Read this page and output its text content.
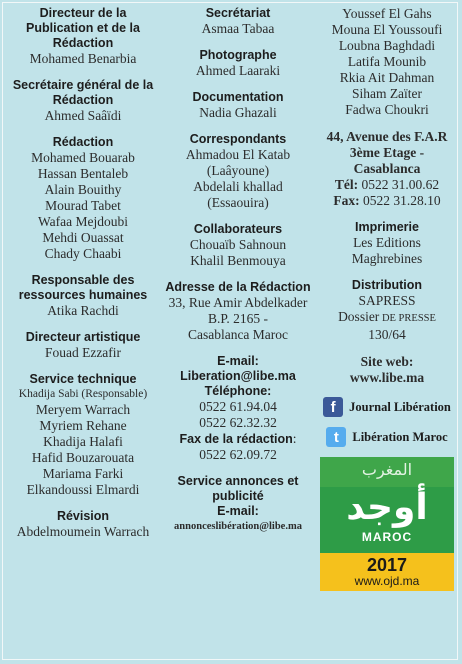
Directeur de la Publication et de la Rédaction
Mohamed Benarbia
Secrétaire général de la Rédaction
Ahmed Saâïdi
Rédaction
Mohamed Bouarab
Hassan Bentaleb
Alain Bouithy
Mourad Tabet
Wafaa Mejdoubi
Mehdi Ouassat
Chady Chaabi
Responsable des ressources humaines
Atika Rachdi
Directeur artistique
Fouad Ezzafir
Service technique
Khadija Sabi (Responsable)
Meryem Warrach
Myriem Rehane
Khadija Halafi
Hafid Bouzarouata
Mariama Farki
Elkandoussi Elmardi
Révision
Abdelmoumein Warrach
Secrétariat
Asmaa Tabaa
Photographe
Ahmed Laaraki
Documentation
Nadia Ghazali
Correspondants
Ahmadou El Katab
(Laâyoune)
Abdelali khallad
(Essaouira)
Collaborateurs
Chouaïb Sahnoun
Khalil Benmouya
Adresse de la Rédaction
33, Rue Amir Abdelkader
B.P. 2165 -
Casablanca Maroc
E-mail:
Liberation@libe.ma
Téléphone:
0522 61.94.04
0522 62.32.32
Fax de la rédaction:
0522 62.09.72
Service annonces et publicité
E-mail:
annonceslibération@libe.ma
Youssef El Gahs
Mouna El Youssoufi
Loubna Baghdadi
Latifa Mounib
Rkia Ait Dahman
Siham Zaïter
Fadwa Choukri
44, Avenue des F.A.R
3ème Etage -
Casablanca
Tél: 0522 31.00.62
Fax: 0522 31.28.10
Imprimerie
Les Editions
Maghrebines
Distribution
SAPRESS
Dossier DE PRESSE
130/64
Site web:
www.libe.ma
f	Journal Libération
t	Libération Maroc
المغرب
أوجد
MAROC
2017
www.ojd.ma
